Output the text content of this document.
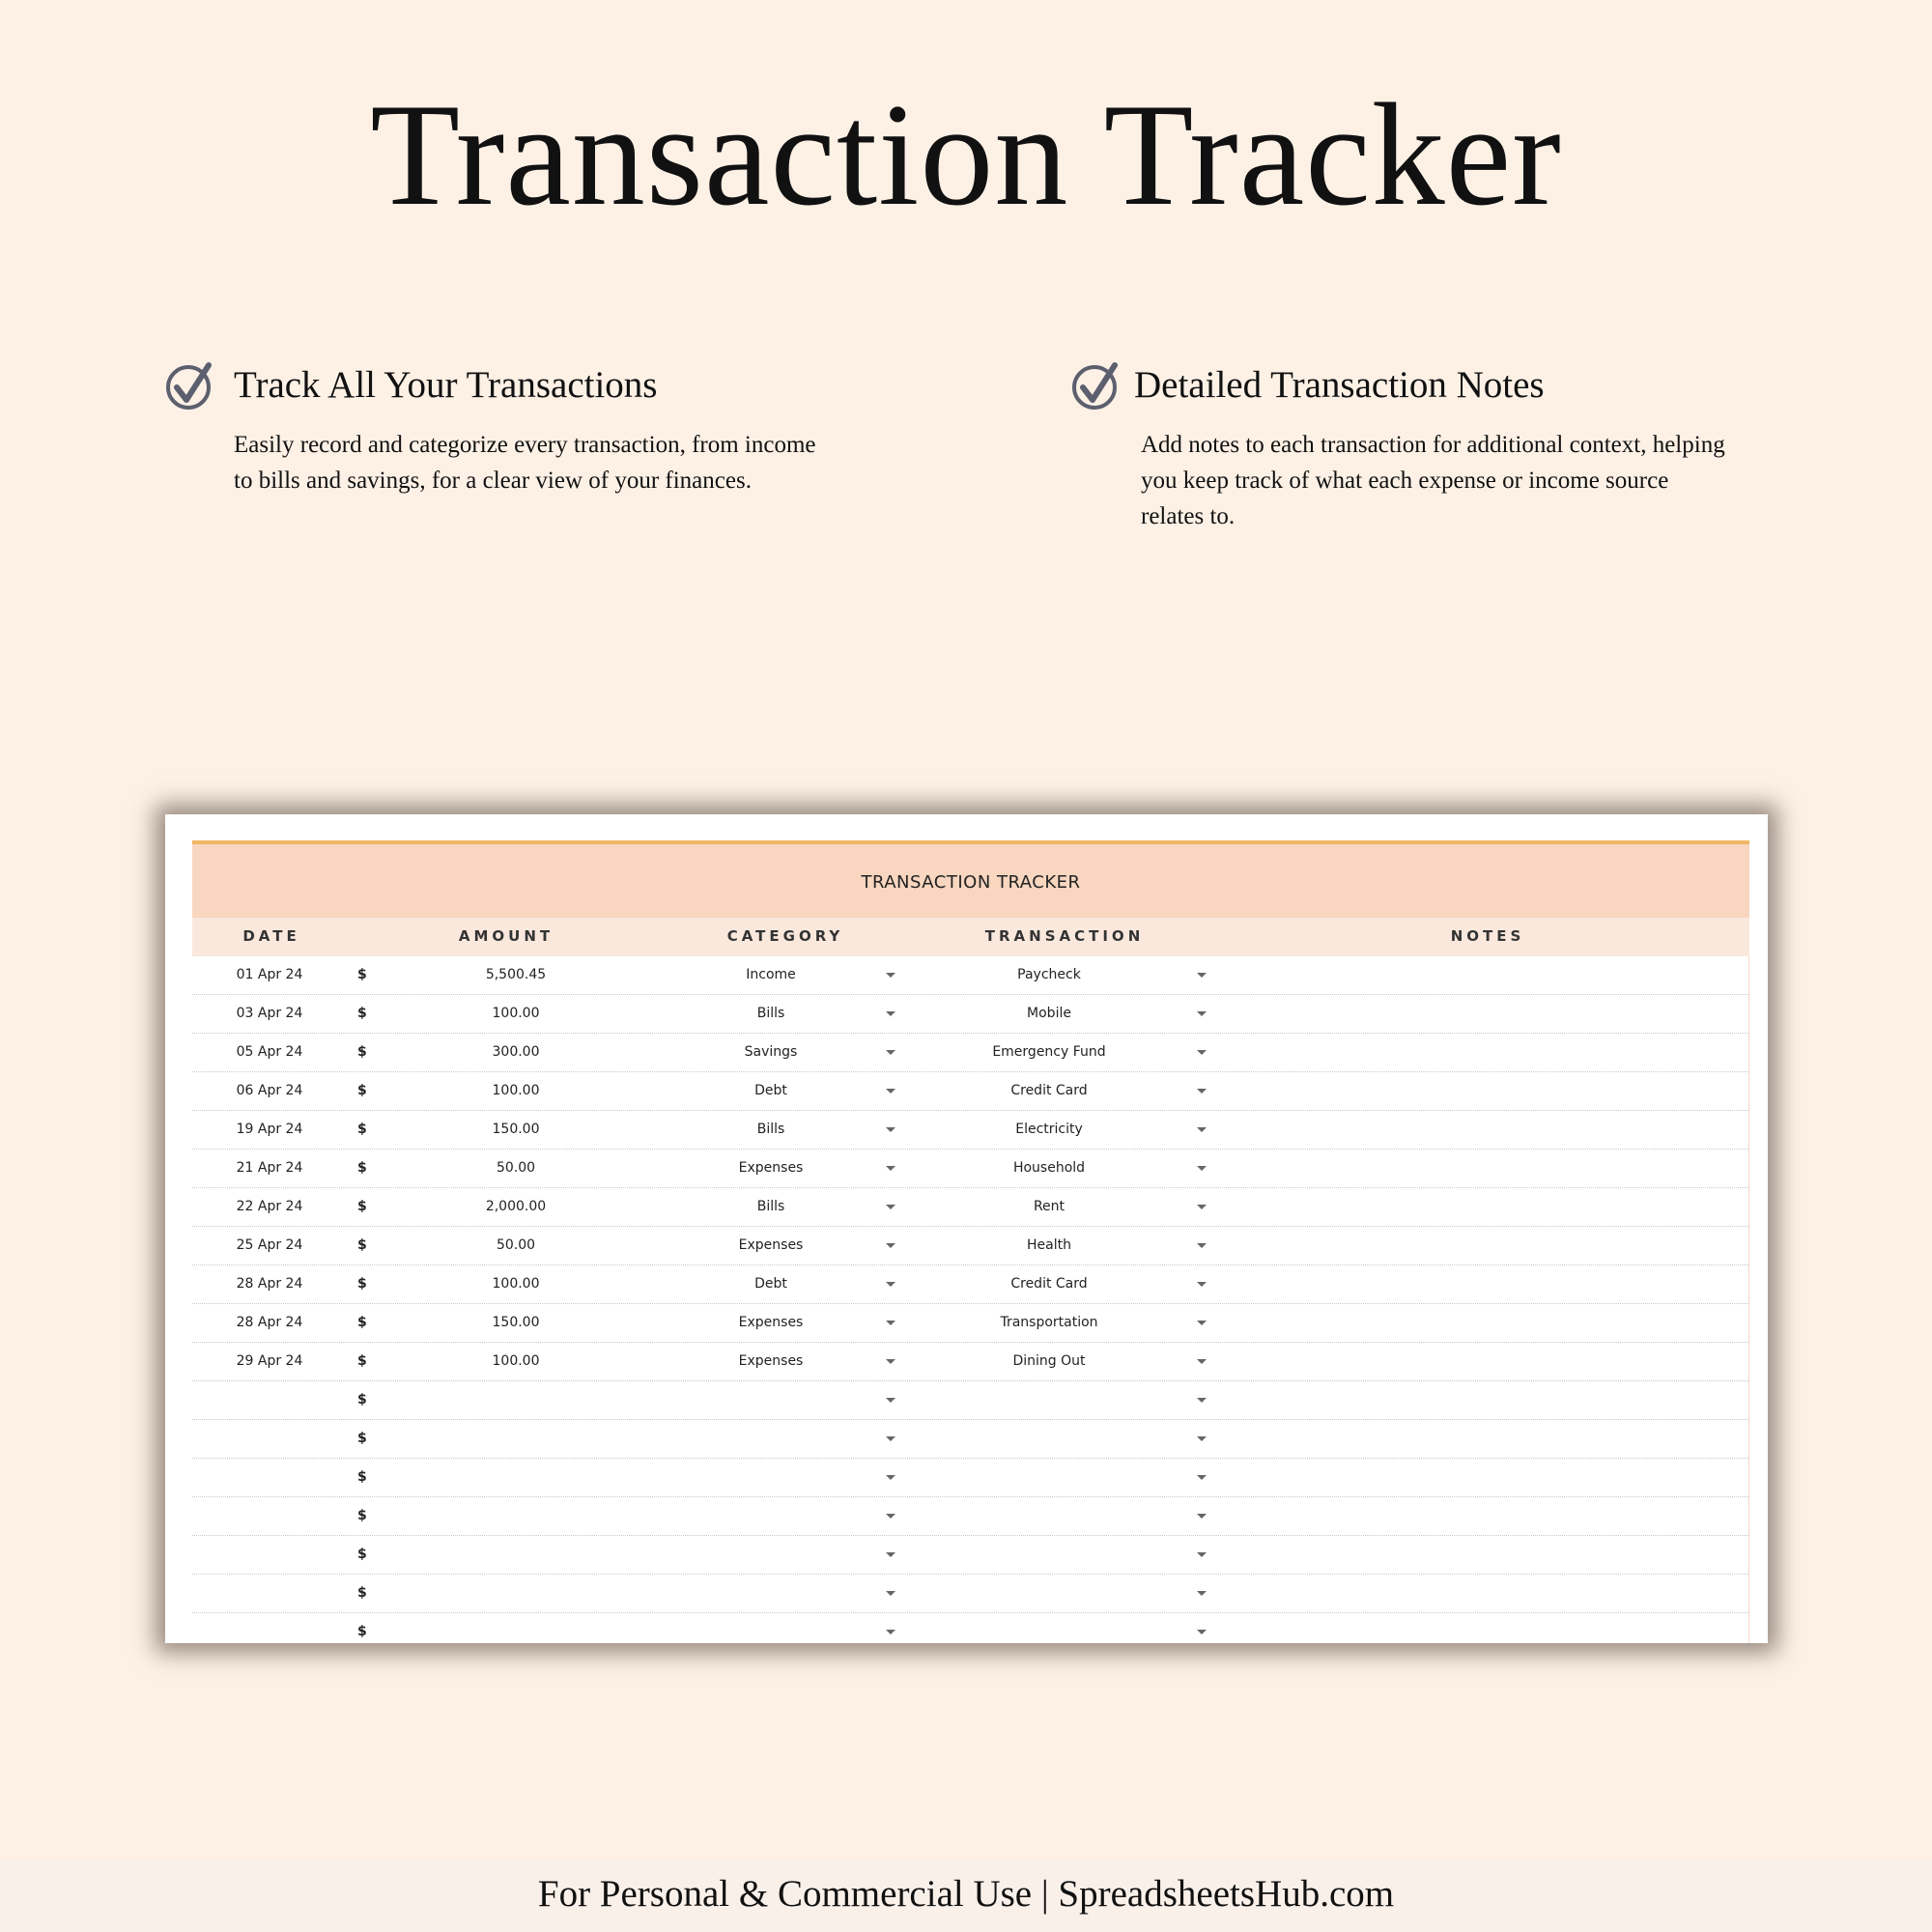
Transaction Tracker
Track All Your Transactions
Easily record and categorize every transaction, from income
to bills and savings, for a clear view of your finances.
Detailed Transaction Notes
Add notes to each transaction for additional context, helping
you keep track of what each expense or income source
relates to.
TRANSACTION TRACKER
DATE	AMOUNT	CATEGORY	TRANSACTION	NOTES
01 Apr 24	$	5,500.45	Income	Paycheck
03 Apr 24	$	100.00	Bills	Mobile
05 Apr 24	$	300.00	Savings	Emergency Fund
06 Apr 24	$	100.00	Debt	Credit Card
19 Apr 24	$	150.00	Bills	Electricity
21 Apr 24	$	50.00	Expenses	Household
22 Apr 24	$	2,000.00	Bills	Rent
25 Apr 24	$	50.00	Expenses	Health
28 Apr 24	$	100.00	Debt	Credit Card
28 Apr 24	$	150.00	Expenses	Transportation
29 Apr 24	$	100.00	Expenses	Dining Out
$
$
$
$
$
$
$
For Personal & Commercial Use | SpreadsheetsHub.com
